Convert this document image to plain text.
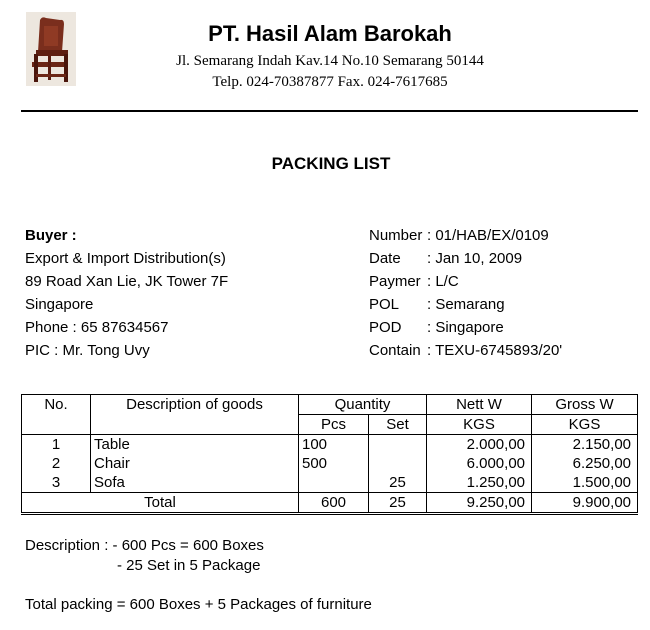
PT. Hasil Alam Barokah
Jl. Semarang Indah Kav.14 No.10 Semarang 50144
Telp. 024-70387877 Fax. 024-7617685
PACKING LIST
Buyer :
Export & Import Distribution(s)
89 Road Xan Lie, JK Tower 7F
Singapore
Phone : 65 87634567
PIC : Mr. Tong Uvy
Number : 01/HAB/EX/0109
Date : Jan 10, 2009
Paymer : L/C
POL : Semarang
POD : Singapore
Contain : TEXU-6745893/20'
No.	Description of goods	Quantity		Nett W	Gross W
		Pcs	Set	KGS	KGS
1	Table	100		2.000,00	2.150,00
2	Chair	500		6.000,00	6.250,00
3	Sofa		25	1.250,00	1.500,00
Total		600	25	9.250,00	9.900,00
Description : - 600 Pcs = 600 Boxes
- 25 Set in 5 Package
Total packing = 600 Boxes + 5 Packages of furniture
